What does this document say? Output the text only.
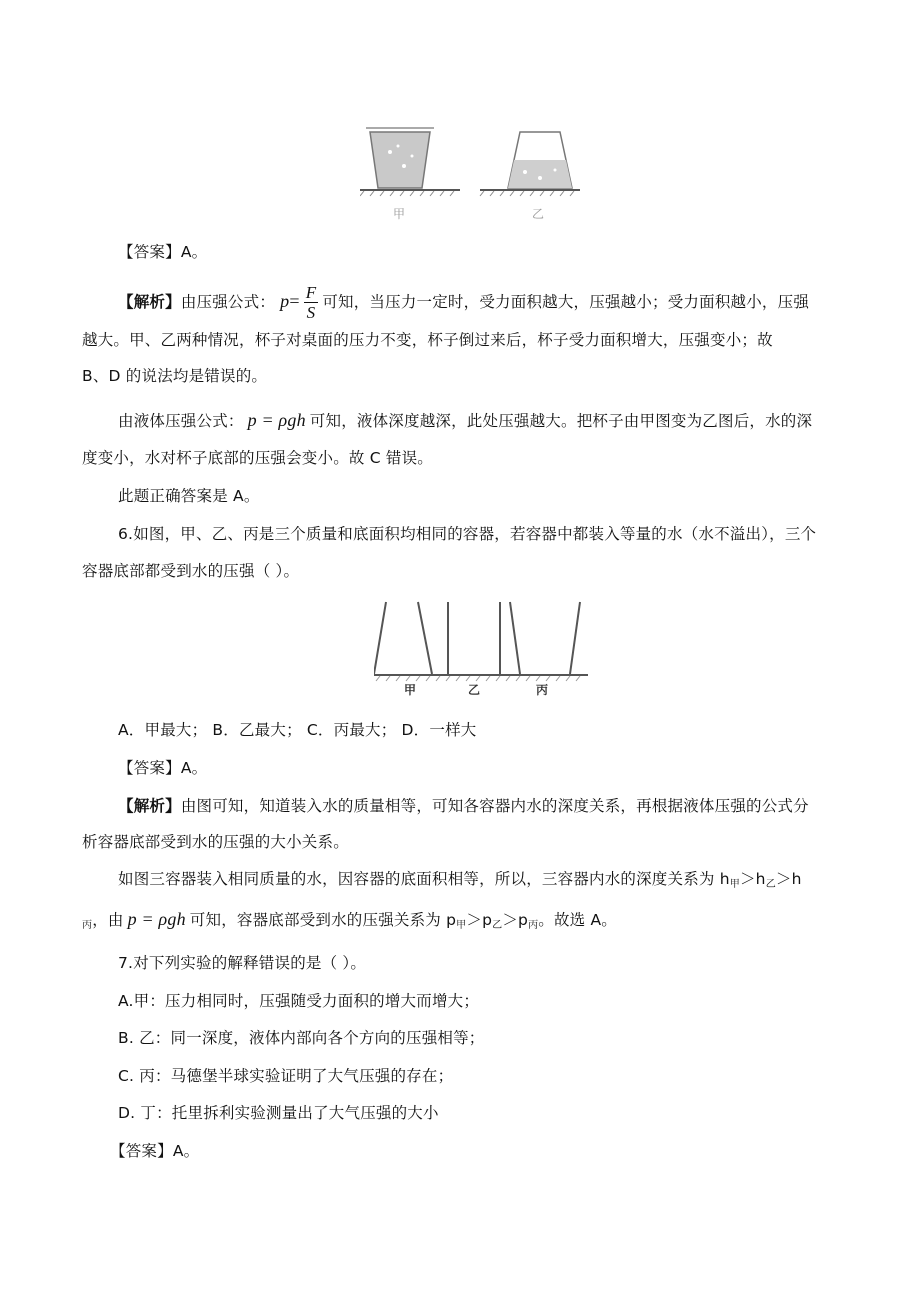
甲	乙
【答案】A。
【解析】由压强公式： $p= \frac{F}{S}$ 可知，当压力一定时，受力面积越大，压强越小；受力面积越小，压强
越大。甲、乙两种情况，杯子对桌面的压力不变，杯子倒过来后，杯子受力面积增大，压强变小；故
B、D 的说法均是错误的。
由液体压强公式： p = ρgh 可知，液体深度越深，此处压强越大。把杯子由甲图变为乙图后，水的深
度变小，水对杯子底部的压强会变小。故 C 错误。
此题正确答案是 A。
6.如图，甲、乙、丙是三个质量和底面积均相同的容器，若容器中都装入等量的水（水不溢出），三个
容器底部都受到水的压强（ ）。
甲	乙	丙
A．甲最大； B．乙最大； C．丙最大； D．一样大
【答案】A。
【解析】由图可知，知道装入水的质量相等，可知各容器内水的深度关系，再根据液体压强的公式分
析容器底部受到水的压强的大小关系。
如图三容器装入相同质量的水，因容器的底面积相等，所以，三容器内水的深度关系为 $h_甲>h_乙>h$
$_丙$，由 p = ρgh 可知，容器底部受到水的压强关系为 $p_甲>p_乙>p_丙$。故选 A。
7.对下列实验的解释错误的是（ ）。
A.甲：压力相同时，压强随受力面积的增大而增大；
B. 乙：同一深度，液体内部向各个方向的压强相等；
C. 丙：马德堡半球实验证明了大气压强的存在；
D. 丁：托里拆利实验测量出了大气压强的大小
【答案】A。
